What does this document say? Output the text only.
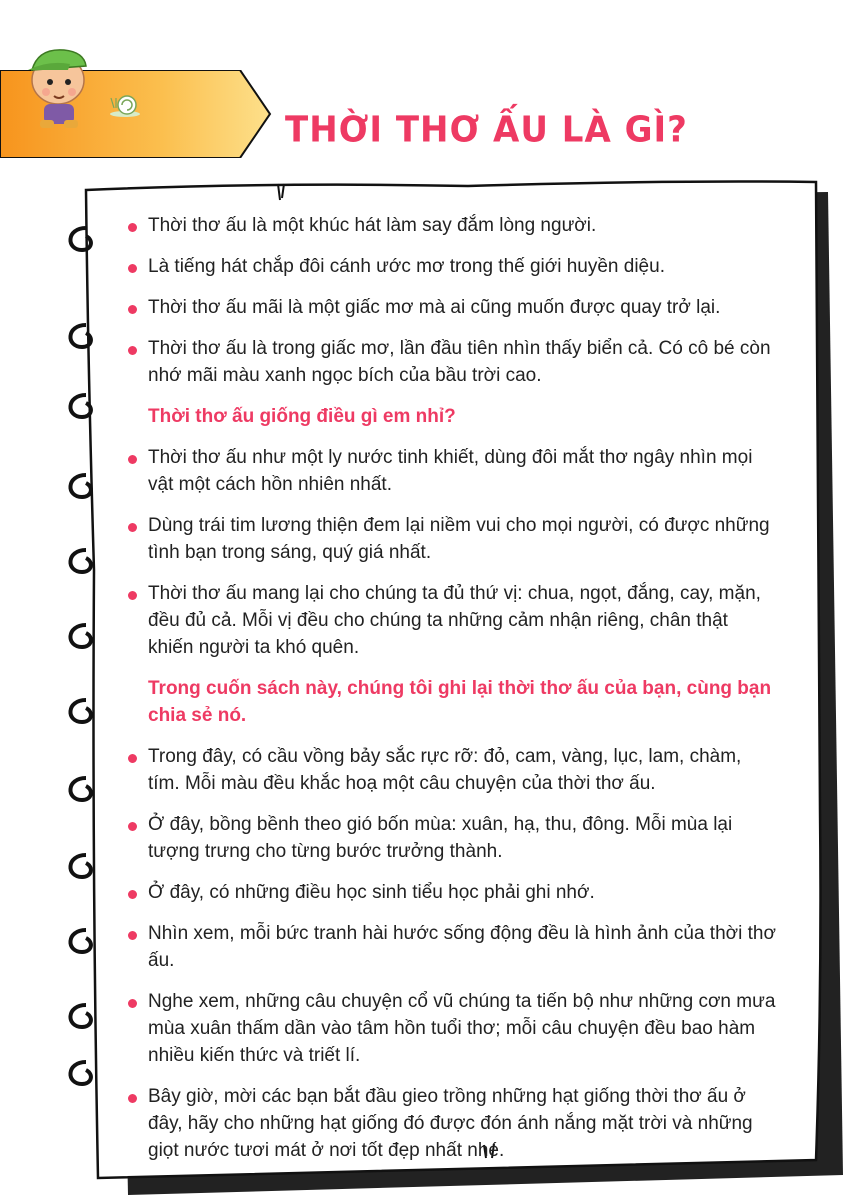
THỜI THƠ ẤU LÀ GÌ?
Thời thơ ấu là một khúc hát làm say đắm lòng người.
Là tiếng hát chắp đôi cánh ước mơ trong thế giới huyền diệu.
Thời thơ ấu mãi là một giấc mơ mà ai cũng muốn được quay trở lại.
Thời thơ ấu là trong giấc mơ, lần đầu tiên nhìn thấy biển cả. Có cô bé còn nhớ mãi màu xanh ngọc bích của bầu trời cao.
Thời thơ ấu giống điều gì em nhỉ?
Thời thơ ấu như một ly nước tinh khiết, dùng đôi mắt thơ ngây nhìn mọi vật một cách hồn nhiên nhất.
Dùng trái tim lương thiện đem lại niềm vui cho mọi người, có được những tình bạn trong sáng, quý giá nhất.
Thời thơ ấu mang lại cho chúng ta đủ thứ vị: chua, ngọt, đắng, cay, mặn, đều đủ cả. Mỗi vị đều cho chúng ta những cảm nhận riêng, chân thật khiến người ta khó quên.
Trong cuốn sách này, chúng tôi ghi lại thời thơ ấu của bạn, cùng bạn chia sẻ nó.
Trong đây, có cầu vồng bảy sắc rực rỡ: đỏ, cam, vàng, lục, lam, chàm, tím. Mỗi màu đều khắc hoạ một câu chuyện của thời thơ ấu.
Ở đây, bồng bềnh theo gió bốn mùa: xuân, hạ, thu, đông. Mỗi mùa lại tượng trưng cho từng bước trưởng thành.
Ở đây, có những điều học sinh tiểu học phải ghi nhớ.
Nhìn xem, mỗi bức tranh hài hước sống động đều là hình ảnh của thời thơ ấu.
Nghe xem, những câu chuyện cổ vũ chúng ta tiến bộ như những cơn mưa mùa xuân thấm dần vào tâm hồn tuổi thơ; mỗi câu chuyện đều bao hàm nhiều kiến thức và triết lí.
Bây giờ, mời các bạn bắt đầu gieo trồng những hạt giống thời thơ ấu ở đây, hãy cho những hạt giống đó được đón ánh nắng mặt trời và những giọt nước tươi mát ở nơi tốt đẹp nhất nhé.
